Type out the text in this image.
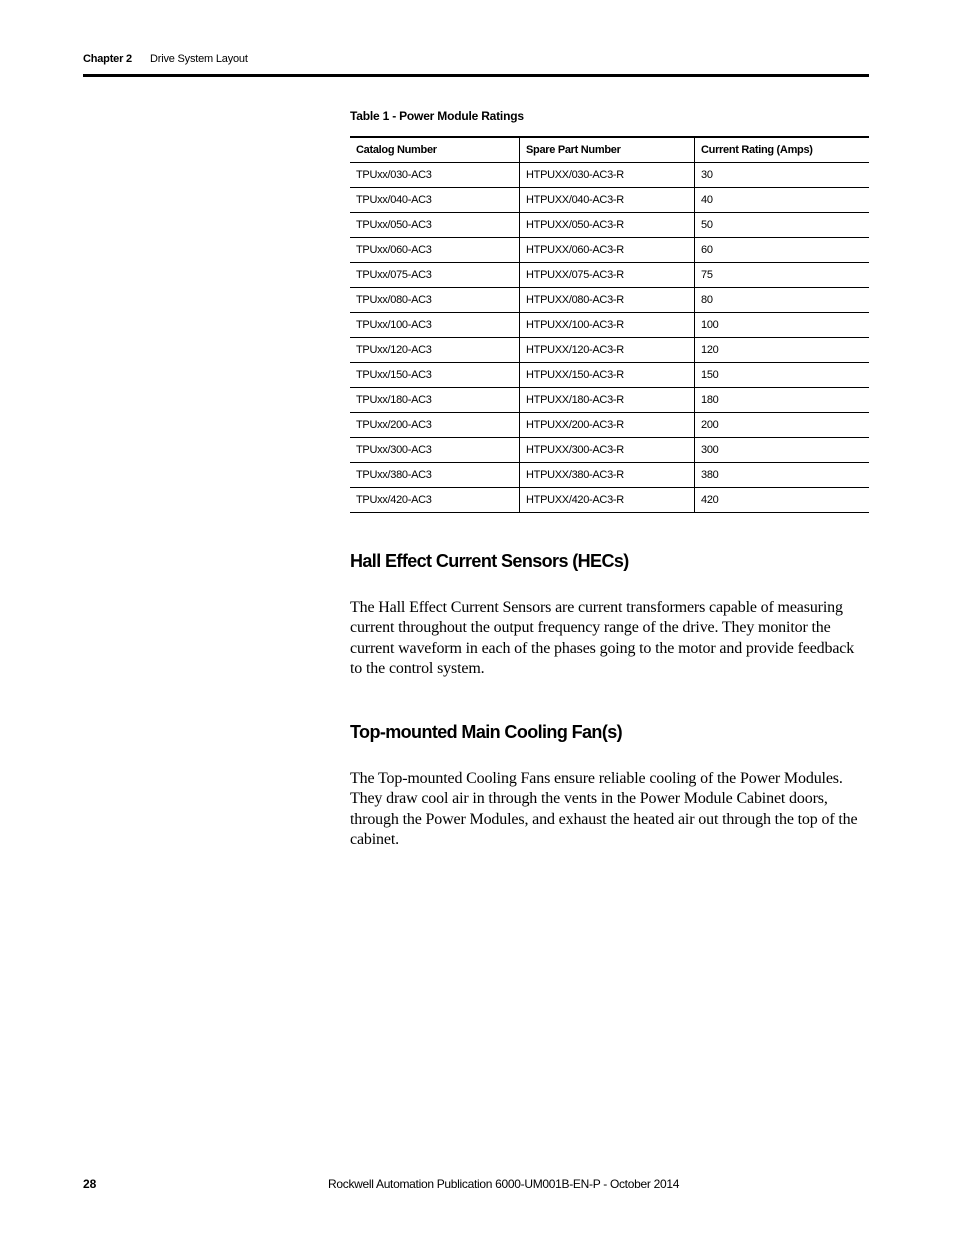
Chapter 2 Drive System Layout
Table 1 - Power Module Ratings
Catalog Number	Spare Part Number	Current Rating (Amps)
TPUxx/030-AC3	HTPUXX/030-AC3-R	30
TPUxx/040-AC3	HTPUXX/040-AC3-R	40
TPUxx/050-AC3	HTPUXX/050-AC3-R	50
TPUxx/060-AC3	HTPUXX/060-AC3-R	60
TPUxx/075-AC3	HTPUXX/075-AC3-R	75
TPUxx/080-AC3	HTPUXX/080-AC3-R	80
TPUxx/100-AC3	HTPUXX/100-AC3-R	100
TPUxx/120-AC3	HTPUXX/120-AC3-R	120
TPUxx/150-AC3	HTPUXX/150-AC3-R	150
TPUxx/180-AC3	HTPUXX/180-AC3-R	180
TPUxx/200-AC3	HTPUXX/200-AC3-R	200
TPUxx/300-AC3	HTPUXX/300-AC3-R	300
TPUxx/380-AC3	HTPUXX/380-AC3-R	380
TPUxx/420-AC3	HTPUXX/420-AC3-R	420
Hall Effect Current Sensors (HECs)

The Hall Effect Current Sensors are current transformers capable of measuring current throughout the output frequency range of the drive. They monitor the current waveform in each of the phases going to the motor and provide feedback to the control system.

Top-mounted Main Cooling Fan(s)

The Top-mounted Cooling Fans ensure reliable cooling of the Power Modules. They draw cool air in through the vents in the Power Module Cabinet doors, through the Power Modules, and exhaust the heated air out through the top of the cabinet.

28	Rockwell Automation Publication 6000-UM001B-EN-P - October 2014
